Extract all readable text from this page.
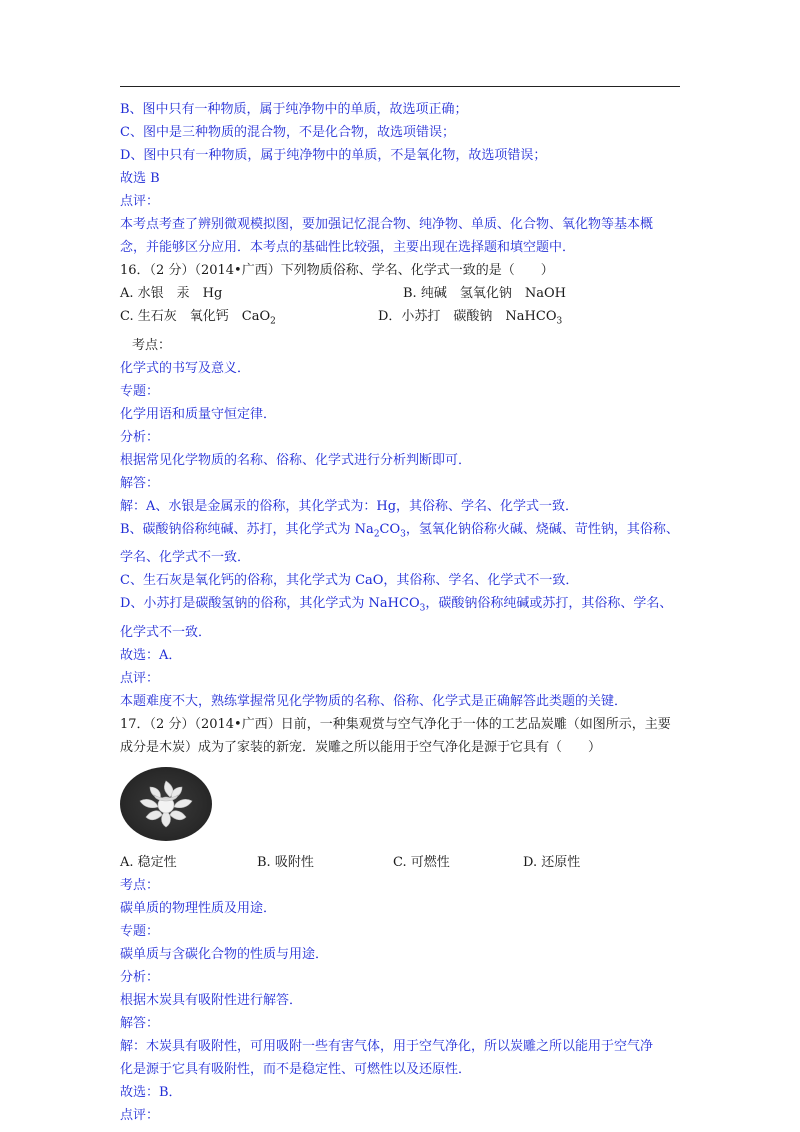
B、图中只有一种物质，属于纯净物中的单质，故选项正确；
C、图中是三种物质的混合物，不是化合物，故选项错误；
D、图中只有一种物质，属于纯净物中的单质，不是氧化物，故选项错误；
故选 B
点评：
本考点考查了辨别微观模拟图，要加强记忆混合物、纯净物、单质、化合物、氧化物等基本概
念，并能够区分应用．本考点的基础性比较强，主要出现在选择题和填空题中．
16．（2 分）（2014•广西）下列物质俗称、学名、化学式一致的是（　　）
A. 水银　汞　Hg	B. 纯碱　氢氧化钠　NaOH
C. 生石灰　氧化钙　CaO$_2$	D．小苏打　碳酸钠　NaHCO$_3$
考点：
化学式的书写及意义．
专题：
化学用语和质量守恒定律．
分析：
根据常见化学物质的名称、俗称、化学式进行分析判断即可．
解答：
解：A、水银是金属汞的俗称，其化学式为：Hg，其俗称、学名、化学式一致．
B、碳酸钠俗称纯碱、苏打，其化学式为 $Na_2CO_3$，氢氧化钠俗称火碱、烧碱、苛性钠，其俗称、
学名、化学式不一致．
C、生石灰是氧化钙的俗称，其化学式为 CaO，其俗称、学名、化学式不一致．
D、小苏打是碳酸氢钠的俗称，其化学式为 NaHCO$_3$，碳酸钠俗称纯碱或苏打，其俗称、学名、
化学式不一致．
故选：A．
点评：
本题难度不大，熟练掌握常见化学物质的名称、俗称、化学式是正确解答此类题的关键．
17．（2 分）（2014•广西）日前，一种集观赏与空气净化于一体的工艺品炭雕（如图所示，主要
成分是木炭）成为了家装的新宠．炭雕之所以能用于空气净化是源于它具有（　　）
A. 稳定性	B. 吸附性	C. 可燃性	D. 还原性
考点：
碳单质的物理性质及用途．
专题：
碳单质与含碳化合物的性质与用途．
分析：
根据木炭具有吸附性进行解答．
解答：
解：木炭具有吸附性，可用吸附一些有害气体，用于空气净化，所以炭雕之所以能用于空气净
化是源于它具有吸附性，而不是稳定性、可燃性以及还原性．
故选：B．
点评：
